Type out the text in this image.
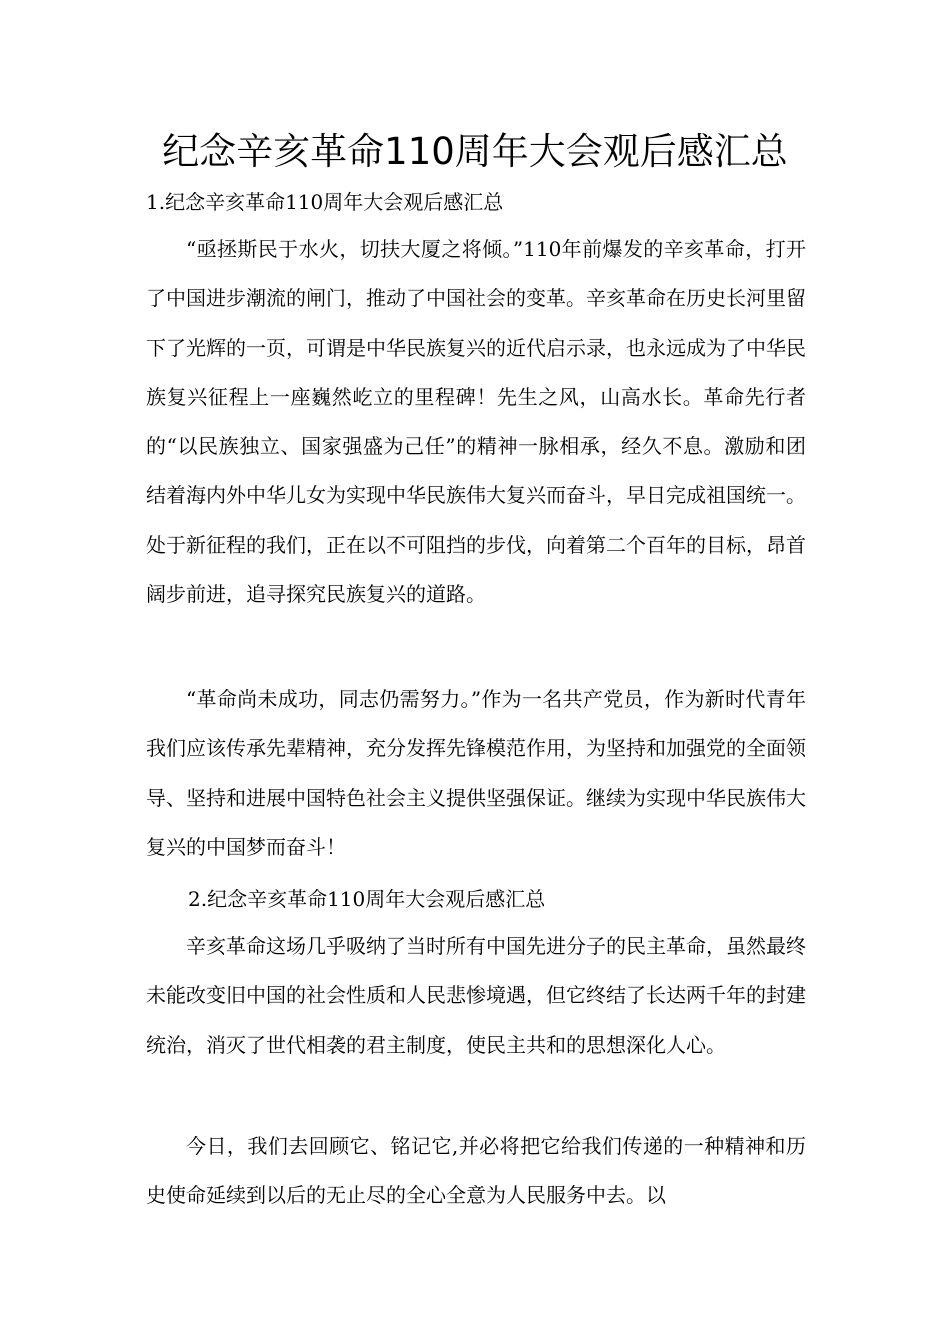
纪念辛亥革命110周年大会观后感汇总

1.纪念辛亥革命110周年大会观后感汇总

“亟拯斯民于水火，切扶大厦之将倾。”110年前爆发的辛亥革命，打开了中国进步潮流的闸门，推动了中国社会的变革。辛亥革命在历史长河里留下了光辉的一页，可谓是中华民族复兴的近代启示录，也永远成为了中华民族复兴征程上一座巍然屹立的里程碑！先生之风，山高水长。革命先行者的“以民族独立、国家强盛为己任”的精神一脉相承，经久不息。激励和团结着海内外中华儿女为实现中华民族伟大复兴而奋斗，早日完成祖国统一。处于新征程的我们，正在以不可阻挡的步伐，向着第二个百年的目标，昂首阔步前进，追寻探究民族复兴的道路。

“革命尚未成功，同志仍需努力。”作为一名共产党员，作为新时代青年我们应该传承先辈精神，充分发挥先锋模范作用，为坚持和加强党的全面领导、坚持和进展中国特色社会主义提供坚强保证。继续为实现中华民族伟大复兴的中国梦而奋斗！

2.纪念辛亥革命110周年大会观后感汇总

辛亥革命这场几乎吸纳了当时所有中国先进分子的民主革命，虽然最终未能改变旧中国的社会性质和人民悲惨境遇，但它终结了长达两千年的封建统治，消灭了世代相袭的君主制度，使民主共和的思想深化人心。

今日，我们去回顾它、铭记它,并必将把它给我们传递的一种精神和历史使命延续到以后的无止尽的全心全意为人民服务中去。以
